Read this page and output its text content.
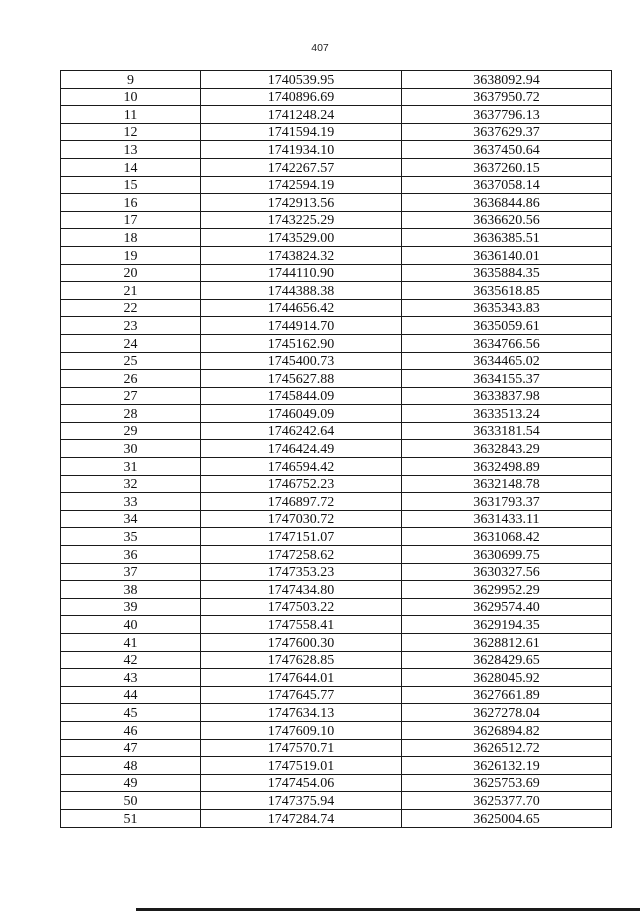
407
9	1740539.95	3638092.94
10	1740896.69	3637950.72
11	1741248.24	3637796.13
12	1741594.19	3637629.37
13	1741934.10	3637450.64
14	1742267.57	3637260.15
15	1742594.19	3637058.14
16	1742913.56	3636844.86
17	1743225.29	3636620.56
18	1743529.00	3636385.51
19	1743824.32	3636140.01
20	1744110.90	3635884.35
21	1744388.38	3635618.85
22	1744656.42	3635343.83
23	1744914.70	3635059.61
24	1745162.90	3634766.56
25	1745400.73	3634465.02
26	1745627.88	3634155.37
27	1745844.09	3633837.98
28	1746049.09	3633513.24
29	1746242.64	3633181.54
30	1746424.49	3632843.29
31	1746594.42	3632498.89
32	1746752.23	3632148.78
33	1746897.72	3631793.37
34	1747030.72	3631433.11
35	1747151.07	3631068.42
36	1747258.62	3630699.75
37	1747353.23	3630327.56
38	1747434.80	3629952.29
39	1747503.22	3629574.40
40	1747558.41	3629194.35
41	1747600.30	3628812.61
42	1747628.85	3628429.65
43	1747644.01	3628045.92
44	1747645.77	3627661.89
45	1747634.13	3627278.04
46	1747609.10	3626894.82
47	1747570.71	3626512.72
48	1747519.01	3626132.19
49	1747454.06	3625753.69
50	1747375.94	3625377.70
51	1747284.74	3625004.65
